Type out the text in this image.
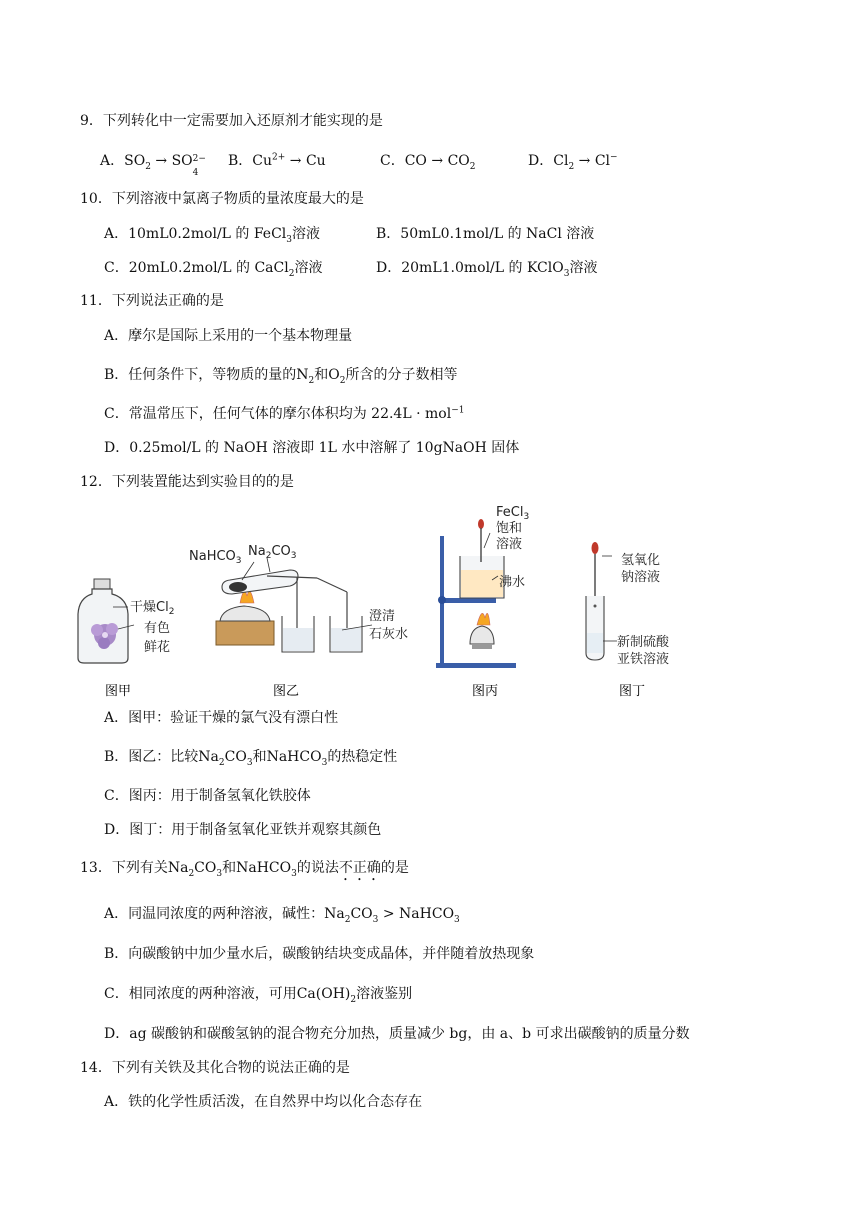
9．下列转化中一定需要加入还原剂才能实现的是
A．$SO_2$ → SO 2−
4
B．$Cu^{2+} \to Cu$	C．CO → $CO_2$	D．$Cl_2 \to Cl^-$
10．下列溶液中氯离子物质的量浓度最大的是
A．10mL0.2mol/L 的 FeCl$_3$溶液	B．50mL0.1mol/L 的 NaCl 溶液
C．20mL0.2mol/L 的 CaCl$_2$溶液	D．20mL1.0mol/L 的 KClO$_3$溶液
11．下列说法正确的是
A．摩尔是国际上采用的一个基本物理量
B．任何条件下，等物质的量的$N_2$和$O_2$所含的分子数相等
C．常温常压下，任何气体的摩尔体积均为 22.4L · mol$^{-1}$
D．0.25mol/L 的 NaOH 溶液即 1L 水中溶解了 10gNaOH 固体
12．下列装置能达到实验目的的是
干燥$Cl_2$
有色
鲜花
图甲
NaHCO$_3$
$Na_2CO_3$
澄清
石灰水
图乙
FeCl$_3$
饱和
溶液
沸水
图丙
氢氧化
钠溶液
新制硫酸
亚铁溶液
图丁
A．图甲：验证干燥的氯气没有漂白性
B．图乙：比较$Na_2CO_3$和NaHCO$_3$的热稳定性
C．图丙：用于制备氢氧化铁胶体
D．图丁：用于制备氢氧化亚铁并观察其颜色
13．下列有关$Na_2CO_3$和NaHCO$_3$的说法不正确的是
A．同温同浓度的两种溶液，碱性：$Na_2CO_3$ > NaHCO$_3$
B．向碳酸钠中加少量水后，碳酸钠结块变成晶体，并伴随着放热现象
C．相同浓度的两种溶液，可用$Ca(OH)_2$溶液鉴别
D．ag 碳酸钠和碳酸氢钠的混合物充分加热，质量减少 bg，由 a、b 可求出碳酸钠的质量分数
14．下列有关铁及其化合物的说法正确的是
A．铁的化学性质活泼，在自然界中均以化合态存在
